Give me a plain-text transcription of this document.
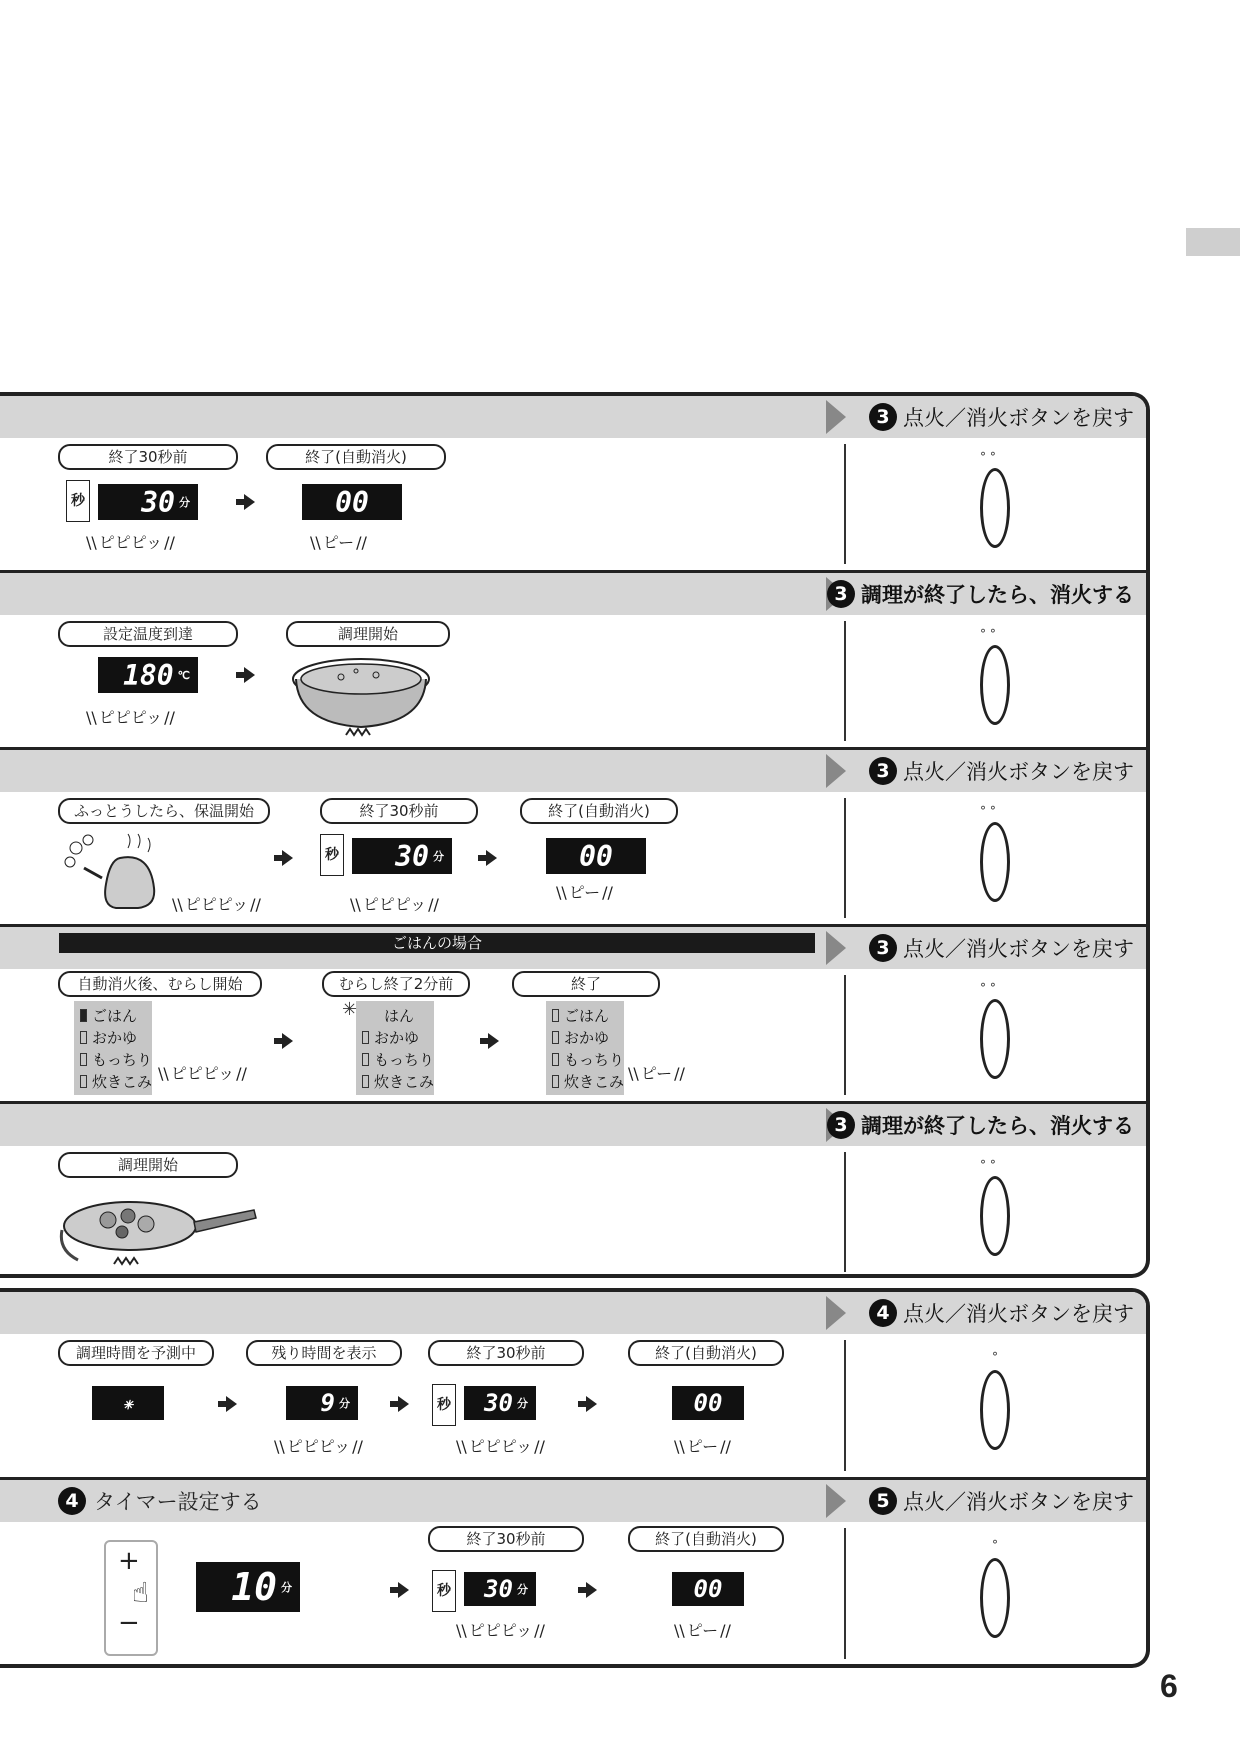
3 点火／消火ボタンを戻す
終了30秒前	終了(自動消火)
秒 30 分	00
\\ ピピピッ //	\\ ピー //
° °
3 調理が終了したら、消火する
設定温度到達	調理開始
180 ℃
\\ ピピピッ //
° °
3 点火／消火ボタンを戻す
ふっとうしたら、保温開始	終了30秒前	終了(自動消火)
\\ ピピピッ //
秒 30 分	00
\\ ピピピッ //
\\ ピー //
° °
3 点火／消火ボタンを戻す
ごはんの場合
自動消火後、むらし開始	むらし終了2分前	終了
ごはん
おかゆ
もっちり
炊きこみ	\\ ピピピッ //
はん
おかゆ
もっちり
炊きこみ
✳	ごはん
おかゆ
もっちり
炊きこみ	\\ ピー //
° °
3 調理が終了したら、消火する
調理開始	° °
4 点火／消火ボタンを戻す
調理時間を予測中	残り時間を表示	終了30秒前	終了(自動消火)
✳	9 分	秒 30 分	00
\\ ピピピッ //	\\ ピピピッ //	\\ ピー //
°
4 タイマー設定する	5 点火／消火ボタンを戻す
終了30秒前	終了(自動消火)
+
−
☝ 10 分	秒 30 分	00
\\ ピピピッ //	\\ ピー //
°
6
